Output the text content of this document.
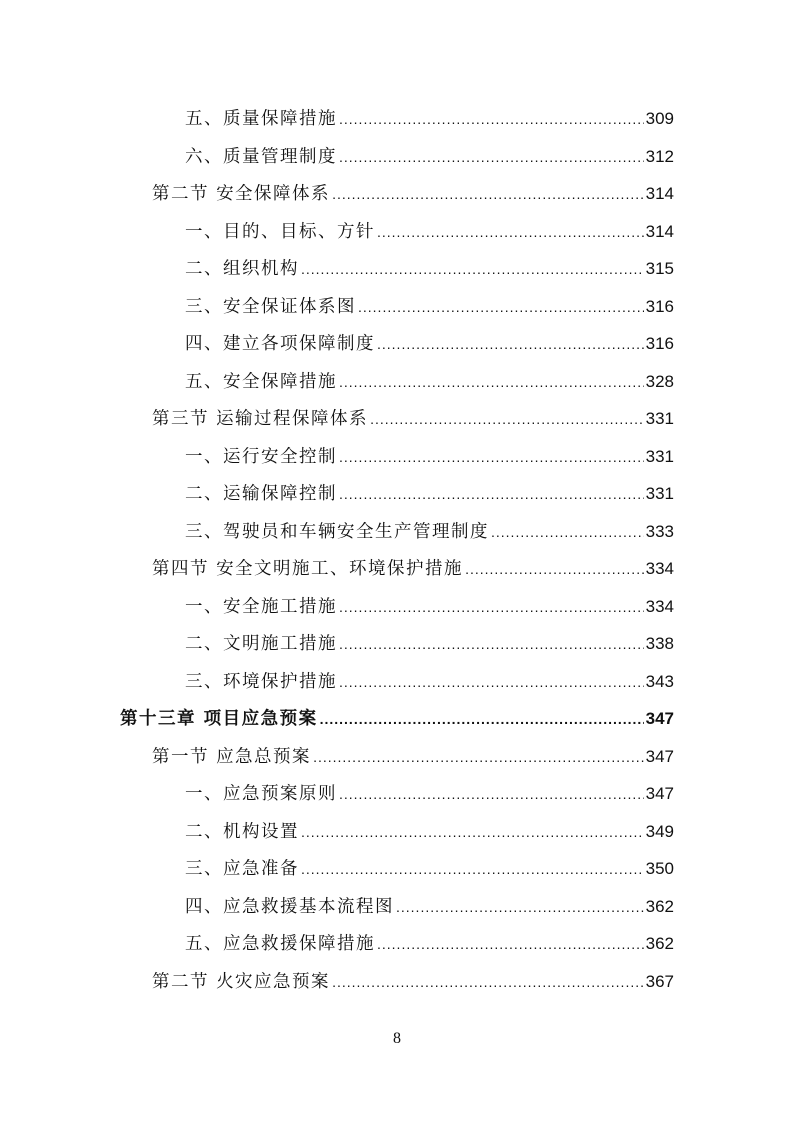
五、质量保障措施 .....	309
六、质量管理制度 .....	312
第二节 安全保障体系 .....	314
一、目的、目标、方针 .....	314
二、组织机构 .....	315
三、安全保证体系图 .....	316
四、建立各项保障制度 .....	316
五、安全保障措施 .....	328
第三节 运输过程保障体系 .....	331
一、运行安全控制 .....	331
二、运输保障控制 .....	331
三、驾驶员和车辆安全生产管理制度 .....	333
第四节 安全文明施工、环境保护措施 .....	334
一、安全施工措施 .....	334
二、文明施工措施 .....	338
三、环境保护措施 .....	343
第十三章 项目应急预案 .....	347
第一节 应急总预案 .....	347
一、应急预案原则 .....	347
二、机构设置 .....	349
三、应急准备 .....	350
四、应急救援基本流程图 .....	362
五、应急救援保障措施 .....	362
第二节 火灾应急预案 .....	367
8
